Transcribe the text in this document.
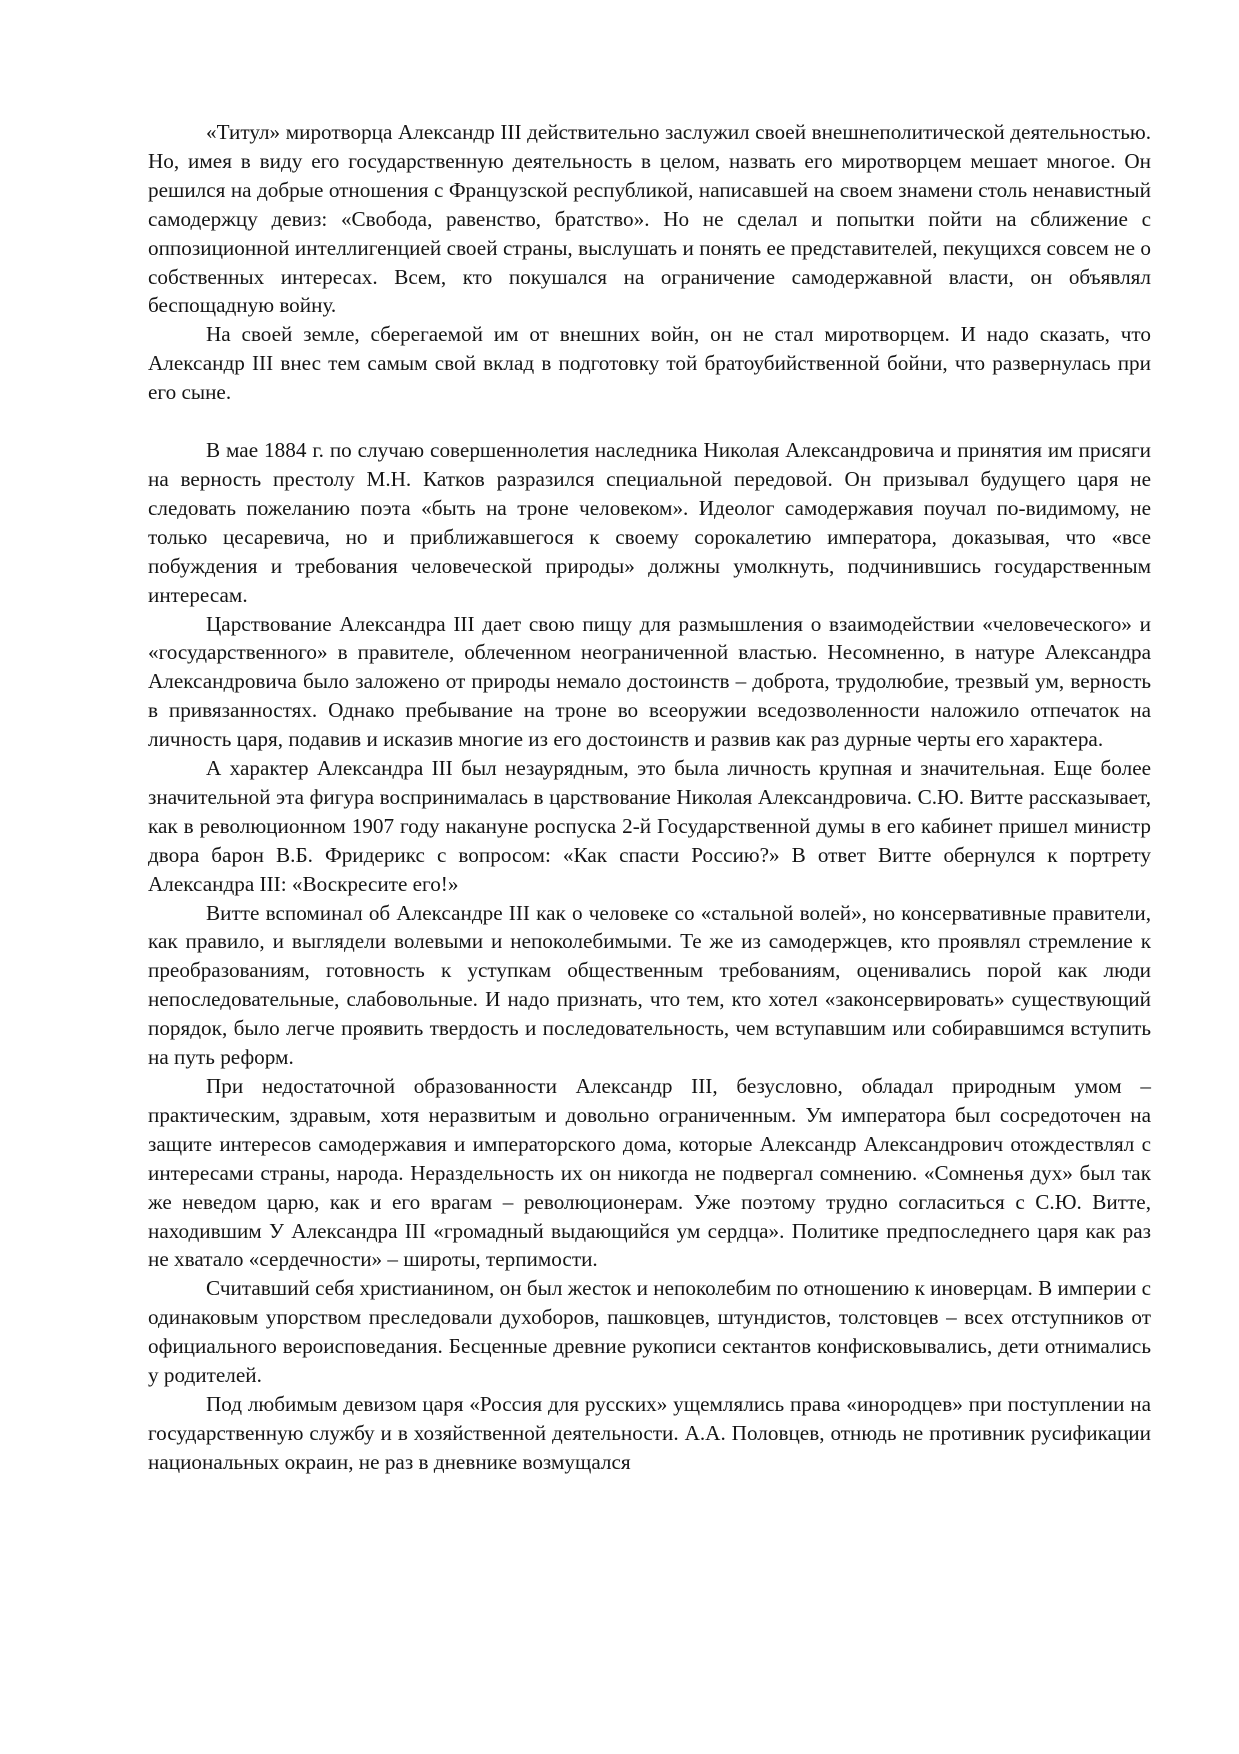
«Титул» миротворца Александр III действительно заслужил своей внешнеполитической деятельностью. Но, имея в виду его государственную деятельность в целом, назвать его миротворцем мешает многое. Он решился на добрые отношения с Французской республикой, написавшей на своем знамени столь ненавистный самодержцу девиз: «Свобода, равенство, братство». Но не сделал и попытки пойти на сближение с оппозиционной интеллигенцией своей страны, выслушать и понять ее представителей, пекущихся совсем не о собственных интересах. Всем, кто покушался на ограничение самодержавной власти, он объявлял беспощадную войну.

На своей земле, сберегаемой им от внешних войн, он не стал миротворцем. И надо сказать, что Александр III внес тем самым свой вклад в подготовку той братоубийственной бойни, что развернулась при его сыне.

В мае 1884 г. по случаю совершеннолетия наследника Николая Александровича и принятия им присяги на верность престолу М.Н. Катков разразился специальной передовой. Он призывал будущего царя не следовать пожеланию поэта «быть на троне человеком». Идеолог самодержавия поучал по-видимому, не только цесаревича, но и приближавшегося к своему сорокалетию императора, доказывая, что «все побуждения и требования человеческой природы» должны умолкнуть, подчинившись государственным интересам.

Царствование Александра III дает свою пищу для размышления о взаимодействии «человеческого» и «государственного» в правителе, облеченном неограниченной властью. Несомненно, в натуре Александра Александровича было заложено от природы немало достоинств – доброта, трудолюбие, трезвый ум, верность в привязанностях. Однако пребывание на троне во всеоружии вседозволенности наложило отпечаток на личность царя, подавив и исказив многие из его достоинств и развив как раз дурные черты его характера.

А характер Александра III был незаурядным, это была личность крупная и значительная. Еще более значительной эта фигура воспринималась в царствование Николая Александровича. С.Ю. Витте рассказывает, как в революционном 1907 году накануне роспуска 2-й Государственной думы в его кабинет пришел министр двора барон В.Б. Фридерикс с вопросом: «Как спасти Россию?» В ответ Витте обернулся к портрету Александра III: «Воскресите его!»

Витте вспоминал об Александре III как о человеке со «стальной волей», но консервативные правители, как правило, и выглядели волевыми и непоколебимыми. Те же из самодержцев, кто проявлял стремление к преобразованиям, готовность к уступкам общественным требованиям, оценивались порой как люди непоследовательные, слабовольные. И надо признать, что тем, кто хотел «законсервировать» существующий порядок, было легче проявить твердость и последовательность, чем вступавшим или собиравшимся вступить на путь реформ.

При недостаточной образованности Александр III, безусловно, обладал природным умом – практическим, здравым, хотя неразвитым и довольно ограниченным. Ум императора был сосредоточен на защите интересов самодержавия и императорского дома, которые Александр Александрович отождествлял с интересами страны, народа. Нераздельность их он никогда не подвергал сомнению. «Сомненья дух» был так же неведом царю, как и его врагам – революционерам. Уже поэтому трудно согласиться с С.Ю. Витте, находившим У Александра III «громадный выдающийся ум сердца». Политике предпоследнего царя как раз не хватало «сердечности» – широты, терпимости.

Считавший себя христианином, он был жесток и непоколебим по отношению к иноверцам. В империи с одинаковым упорством преследовали духоборов, пашковцев, штундистов, толстовцев – всех отступников от официального вероисповедания. Бесценные древние рукописи сектантов конфисковывались, дети отнимались у родителей.

Под любимым девизом царя «Россия для русских» ущемлялись права «инородцев» при поступлении на государственную службу и в хозяйственной деятельности. А.А. Половцев, отнюдь не противник русификации национальных окраин, не раз в дневнике возмущался
